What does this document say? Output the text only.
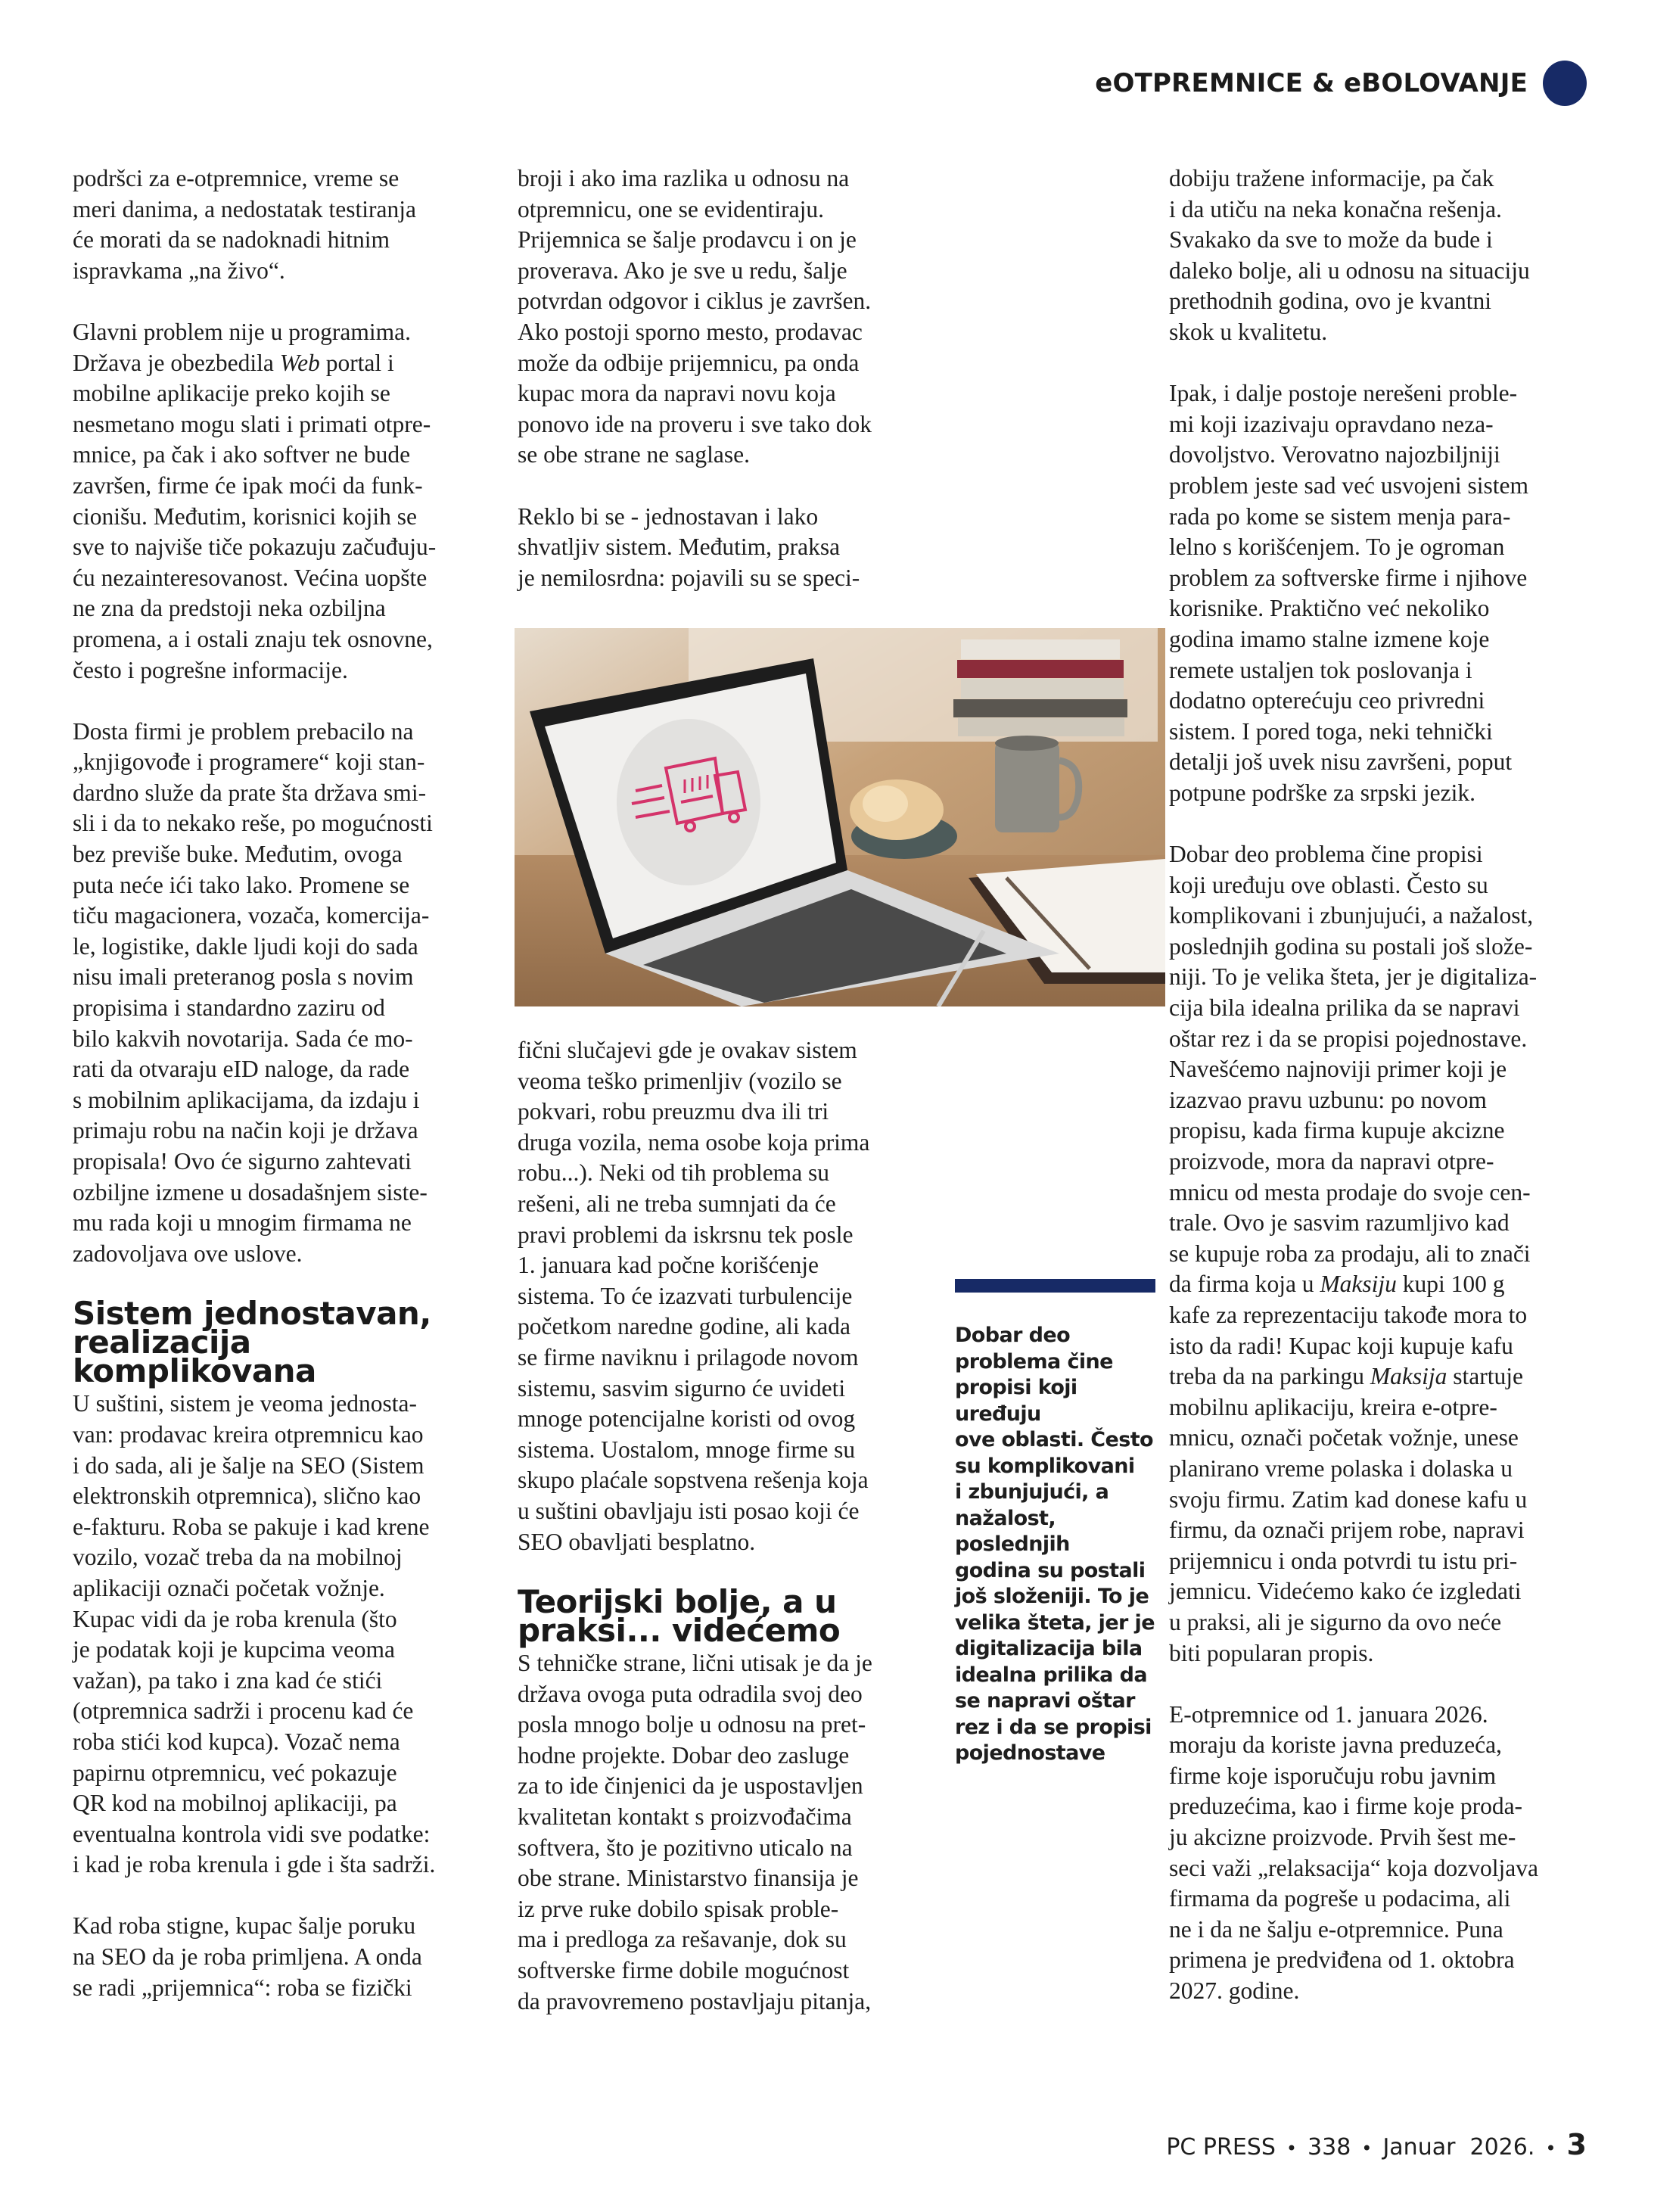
eOTPREMNICE & eBOLOVANJE

podršci za e-otpremnice, vreme se
meri danima, a nedostatak testiranja
će morati da se nadoknadi hitnim
ispravkama „na živo“.

Glavni problem nije u programima.
Država je obezbedila Web portal i
mobilne aplikacije preko kojih se
nesmetano mogu slati i primati otpre-
mnice, pa čak i ako softver ne bude
završen, firme će ipak moći da funk-
cionišu. Međutim, korisnici kojih se
sve to najviše tiče pokazuju začuđuju-
ću nezainteresovanost. Većina uopšte
ne zna da predstoji neka ozbiljna
promena, a i ostali znaju tek osnovne,
često i pogrešne informacije.

Dosta firmi je problem prebacilo na
„knjigovođe i programere“ koji stan-
dardno služe da prate šta država smi-
sli i da to nekako reše, po mogućnosti
bez previše buke. Međutim, ovoga
puta neće ići tako lako. Promene se
tiču magacionera, vozača, komercija-
le, logistike, dakle ljudi koji do sada
nisu imali preteranog posla s novim
propisima i standardno zaziru od
bilo kakvih novotarija. Sada će mo-
rati da otvaraju eID naloge, da rade
s mobilnim aplikacijama, da izdaju i
primaju robu na način koji je država
propisala! Ovo će sigurno zahtevati
ozbiljne izmene u dosadašnjem siste-
mu rada koji u mnogim firmama ne
zadovoljava ove uslove.

Sistem jednostavan,
realizacija
komplikovana

U suštini, sistem je veoma jednosta-
van: prodavac kreira otpremnicu kao
i do sada, ali je šalje na SEO (Sistem
elektronskih otpremnica), slično kao
e-fakturu. Roba se pakuje i kad krene
vozilo, vozač treba da na mobilnoj
aplikaciji označi početak vožnje.
Kupac vidi da je roba krenula (što
je podatak koji je kupcima veoma
važan), pa tako i zna kad će stići
(otpremnica sadrži i procenu kad će
roba stići kod kupca). Vozač nema
papirnu otpremnicu, već pokazuje
QR kod na mobilnoj aplikaciji, pa
eventualna kontrola vidi sve podatke:
i kad je roba krenula i gde i šta sadrži.

Kad roba stigne, kupac šalje poruku
na SEO da je roba primljena. A onda
se radi „prijemnica“: roba se fizički

broji i ako ima razlika u odnosu na
otpremnicu, one se evidentiraju.
Prijemnica se šalje prodavcu i on je
proverava. Ako je sve u redu, šalje
potvrdan odgovor i ciklus je završen.
Ako postoji sporno mesto, prodavac
može da odbije prijemnicu, pa onda
kupac mora da napravi novu koja
ponovo ide na proveru i sve tako dok
se obe strane ne saglase.

Reklo bi se - jednostavan i lako
shvatljiv sistem. Međutim, praksa
je nemilosrdna: pojavili su se speci-

fični slučajevi gde je ovakav sistem
veoma teško primenljiv (vozilo se
pokvari, robu preuzmu dva ili tri
druga vozila, nema osobe koja prima
robu...). Neki od tih problema su
rešeni, ali ne treba sumnjati da će
pravi problemi da iskrsnu tek posle
1. januara kad počne korišćenje
sistema. To će izazvati turbulencije
početkom naredne godine, ali kada
se firme naviknu i prilagode novom
sistemu, sasvim sigurno će uvideti
mnoge potencijalne koristi od ovog
sistema. Uostalom, mnoge firme su
skupo plaćale sopstvena rešenja koja
u suštini obavljaju isti posao koji će
SEO obavljati besplatno.

Teorijski bolje, a u
praksi... videćemo

S tehničke strane, lični utisak je da je
država ovoga puta odradila svoj deo
posla mnogo bolje u odnosu na pret-
hodne projekte. Dobar deo zasluge
za to ide činjenici da je uspostavljen
kvalitetan kontakt s proizvođačima
softvera, što je pozitivno uticalo na
obe strane. Ministarstvo finansija je
iz prve ruke dobilo spisak proble-
ma i predloga za rešavanje, dok su
softverske firme dobile mogućnost
da pravovremeno postavljaju pitanja,

Dobar deo
problema čine
propisi koji uređuju
ove oblasti. Često
su komplikovani
i zbunjujući, a
nažalost, poslednjih
godina su postali
još složeniji. To je
velika šteta, jer je
digitalizacija bila
idealna prilika da
se napravi oštar
rez i da se propisi
pojednostave

dobiju tražene informacije, pa čak
i da utiču na neka konačna rešenja.
Svakako da sve to može da bude i
daleko bolje, ali u odnosu na situaciju
prethodnih godina, ovo je kvantni
skok u kvalitetu.

Ipak, i dalje postoje nerešeni proble-
mi koji izazivaju opravdano neza-
dovoljstvo. Verovatno najozbiljniji
problem jeste sad već usvojeni sistem
rada po kome se sistem menja para-
lelno s korišćenjem. To je ogroman
problem za softverske firme i njihove
korisnike. Praktično već nekoliko
godina imamo stalne izmene koje
remete ustaljen tok poslovanja i
dodatno opterećuju ceo privredni
sistem. I pored toga, neki tehnički
detalji još uvek nisu završeni, poput
potpune podrške za srpski jezik.

Dobar deo problema čine propisi
koji uređuju ove oblasti. Često su
komplikovani i zbunjujući, a nažalost,
poslednjih godina su postali još slože-
niji. To je velika šteta, jer je digitaliza-
cija bila idealna prilika da se napravi
oštar rez i da se propisi pojednostave.
Navešćemo najnoviji primer koji je
izazvao pravu uzbunu: po novom
propisu, kada firma kupuje akcizne
proizvode, mora da napravi otpre-
mnicu od mesta prodaje do svoje cen-
trale. Ovo je sasvim razumljivo kad
se kupuje roba za prodaju, ali to znači
da firma koja u Maksiju kupi 100 g
kafe za reprezentaciju takođe mora to
isto da radi! Kupac koji kupuje kafu
treba da na parkingu Maksija startuje
mobilnu aplikaciju, kreira e-otpre-
mnicu, označi početak vožnje, unese
planirano vreme polaska i dolaska u
svoju firmu. Zatim kad donese kafu u
firmu, da označi prijem robe, napravi
prijemnicu i onda potvrdi tu istu pri-
jemnicu. Videćemo kako će izgledati
u praksi, ali je sigurno da ovo neće
biti popularan propis.

E-otpremnice od 1. januara 2026.
moraju da koriste javna preduzeća,
firme koje isporučuju robu javnim
preduzećima, kao i firme koje proda-
ju akcizne proizvode. Prvih šest me-
seci važi „relaksacija“ koja dozvoljava
firmama da pogreše u podacima, ali
ne i da ne šalju e-otpremnice. Puna
primena je predviđena od 1. oktobra
2027. godine.

PC PRESS • 338 • Januar  2026. • 3
